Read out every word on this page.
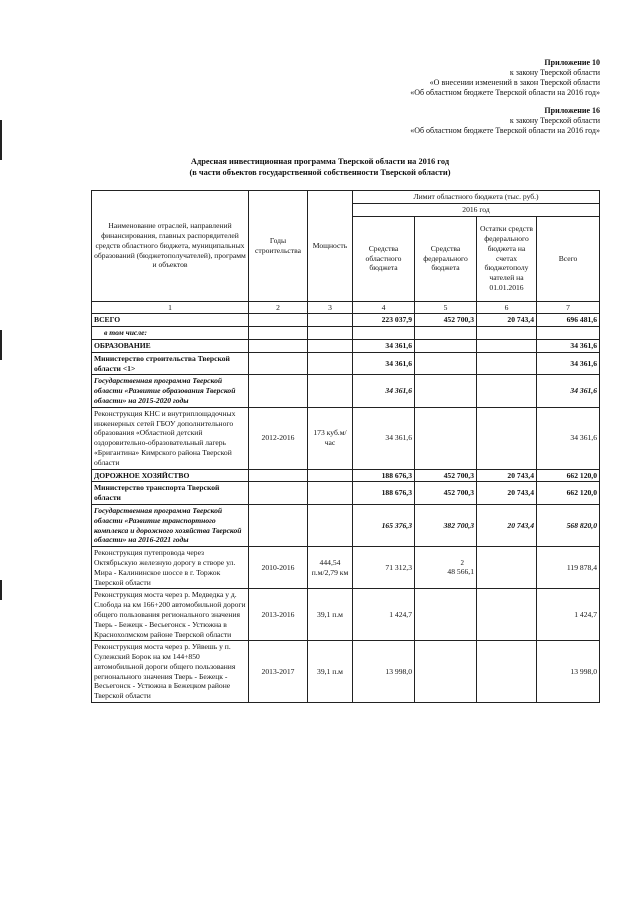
Приложение 10
к закону Тверской области
«О внесении изменений в закон Тверской области
«Об областном бюджете Тверской области на 2016 год»
Приложение 16
к закону Тверской области
«Об областном бюджете Тверской области на 2016 год»
Адресная инвестиционная программа Тверской области на 2016 год
(в части объектов государственной собственности Тверской области)
Наименование отраслей, направлений финансирования, главных распорядителей средств областного бюджета, муниципальных образований (бюджетополучателей), программ и объектов	Годы строительства	Мощность	Лимит областного бюджета (тыс. руб.)			
			2016 год			
			Средства областного бюджета	Средства федерального бюджета	Остатки средств федерального бюджета на счетах бюджетополу чателей на 01.01.2016	Всего
1	2	3	4	5	6	7
ВСЕГО			223 037,9	452 700,3	20 743,4	696 481,6
в том числе:						
ОБРАЗОВАНИЕ			34 361,6			34 361,6
Министерство строительства Тверской области <1>			34 361,6			34 361,6
Государственная программа Тверской области «Развитие образования Тверской области» на 2015-2020 годы			34 361,6			34 361,6
Реконструкция КНС и внутриплощадочных инженерных сетей ГБОУ дополнительного образования «Областной детский оздоровительно-образовательный лагерь «Бригантина» Кимрского района Тверской области	2012-2016	173 куб.м/час	34 361,6			34 361,6
ДОРОЖНОЕ ХОЗЯЙСТВО			188 676,3	452 700,3	20 743,4	662 120,0
Министерство транспорта Тверской области			188 676,3	452 700,3	20 743,4	662 120,0
Государственная программа Тверской области «Развитие транспортного комплекса и дорожного хозяйства Тверской области» на 2016-2021 годы			165 376,3	382 700,3	20 743,4	568 820,0
Реконструкция путепровода через Октябрьскую железную дорогу в створе ул. Мира - Калининское шоссе в г. Торжок Тверской области	2010-2016	444,54 п.м/2,79 км	71 312,3	2
48 566,1		119 878,4
Реконструкция моста через р. Медведка у д. Слобода на км 166+200 автомобильной дороги общего пользования регионального значения Тверь - Бежецк - Весьегонск - Устюжна в Краснохолмском районе Тверской области	2013-2016	39,1 п.м	1 424,7			1 424,7
Реконструкция моста через р. Уйвешь у п. Сулежский Борок на км 144+850 автомобильной дороги общего пользования регионального значения Тверь - Бежецк - Весьегонск - Устюжна в Бежецком районе Тверской области	2013-2017	39,1 п.м	13 998,0			13 998,0
